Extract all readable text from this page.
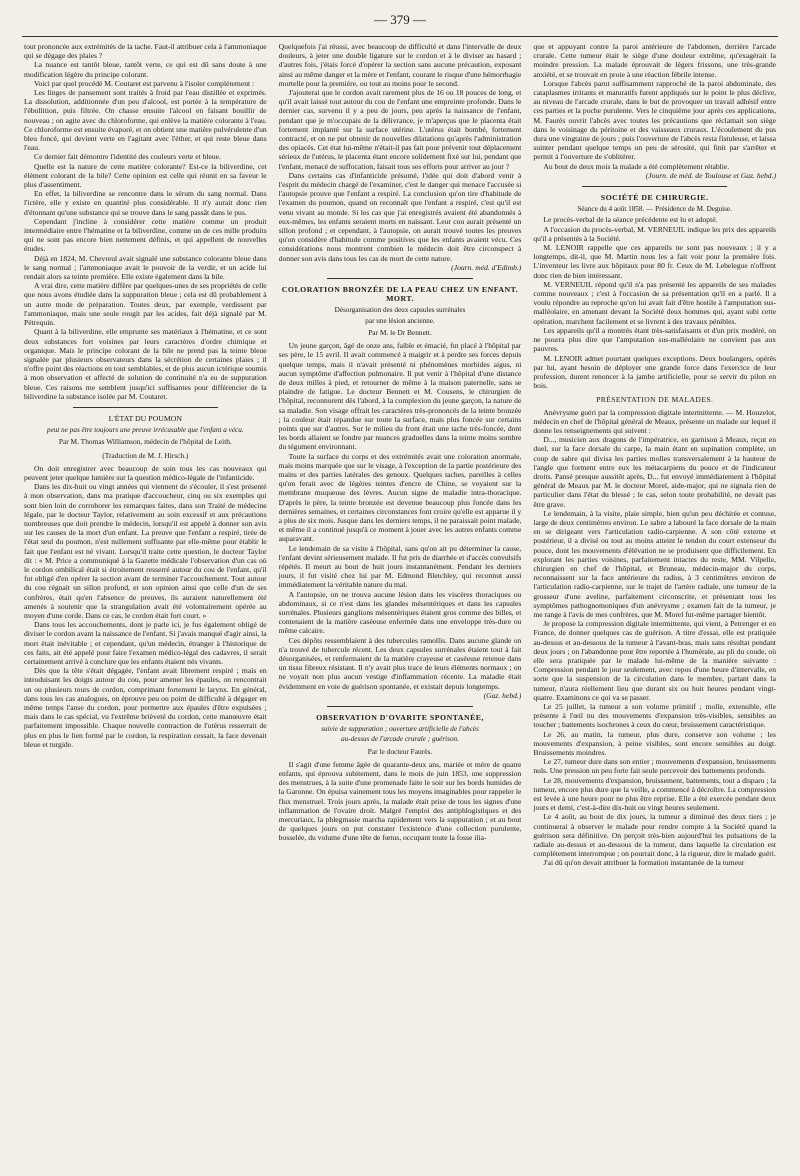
— 379 —

tout prononcée aux extrémités de la tache. Faut-il attribuer cela à l'ammoniaque qui se dégage des plaies ?

La nuance est tantôt bleue, tantôt verte, ce qui est dû sans doute à une modification légère du principe colorant.

Voici par quel procédé M. Coutaret est parvenu à l'isoler complètement :

Les linges de pansement sont traités à froid par l'eau distillée et exprimés. La dissolution, additionnée d'un peu d'alcool, est portée à la température de l'ébullition, puis filtrée. On chasse ensuite l'alcool en faisant bouillir de nouveau ; on agite avec du chloroforme, qui enlève la matière colorante à l'eau. Ce chloroforme est ensuite évaporé, et on obtient une matière pulvérulente d'un bleu foncé, qui devient verte en l'agitant avec l'éther, et qui reste bleue dans l'eau.

Ce dernier fait démontre l'identité des couleurs verte et bleue.

Quelle est la nature de cette matière colorante? Est-ce la biliverdine, cet élément colorant de la bile? Cette opinion est celle qui réunit en sa faveur le plus d'assentiment.

En effet, la biliverdine se rencontre dans le sérum du sang normal. Dans l'ictère, elle y existe en quantité plus considérable. Il n'y aurait donc rien d'étonnant qu'une substance qui se trouve dans le sang passât dans le pus.

Cependant j'incline à considérer cette matière comme un produit intermédiaire entre l'hématine et la biliverdine, comme un de ces mille produits qui ne sont pas encore bien nettement définis, et qui appellent de nouvelles études.

Déjà en 1824, M. Chevreul avait signalé une substance colorante bleue dans le sang normal ; l'ammoniaque avait le pouvoir de la verdir, et un acide lui rendait alors sa teinte première. Elle existe également dans la bile.

A vrai dire, cette matière diffère par quelques-unes de ses propriétés de celle que nous avons étudiée dans la suppuration bleue ; cela est dû probablement à un autre mode de préparation. Toutes deux, par exemple, verdissent par l'ammoniaque, mais une seule rougit par les acides, fait déjà signalé par M. Pétrequin.

Quant à la biliverdine, elle emprunte ses matériaux à l'hématine, et ce sont deux substances fort voisines par leurs caractères d'ordre chimique et organique. Mais le principe colorant de la bile ne prend pas la teinte bleue signalée par plusieurs observateurs dans la sécrétion de certaines plaies ; il n'offre point des réactions en tout semblables, et de plus aucun ictérique soumis à mon observation et affecté de solution de continuité n'a eu de suppuration bleue. Ces raisons me semblent jusqu'ici suffisantes pour différencier de la biliverdine la substance isolée par M. Coutaret.

L'ÉTAT DU POUMON
peut ne pas être toujours une preuve irrécusable que l'enfant a vécu.
Par M. Thomas Williamson, médecin de l'hôpital de Leith.
(Traduction de M. J. Hirsch.)

On doit enregistrer avec beaucoup de soin tous les cas nouveaux qui peuvent jeter quelque lumière sur la question médico-légale de l'infanticide.

Dans les dix-huit ou vingt années qui viennent de s'écouler, il s'est présenté à mon observation, dans ma pratique d'accoucheur, cinq ou six exemples qui sont bien loin de corroborer les remarques faites, dans son Traité de médecine légale, par le docteur Taylor, relativement au soin excessif et aux précautions nombreuses que doit prendre le médecin, lorsqu'il est appelé à donner son avis sur les causes de la mort d'un enfant. La preuve que l'enfant a respiré, tirée de l'état seul du poumon, n'est nullement suffisante par elle-même pour établir le fait que l'enfant est né vivant. Lorsqu'il traite cette question, le docteur Taylor dit : « M. Price a communiqué à la Gazette médicale l'observation d'un cas où le cordon ombilical était si étroitement resserré autour du cou de l'enfant, qu'il fut obligé d'en opérer la section avant de terminer l'accouchement. Tout autour du cou régnait un sillon profond, et son opinion ainsi que celle d'un de ses confrères, était qu'en l'absence de preuves, ils auraient naturellement été amenés à soutenir que la strangulation avait été volontairement opérée au moyen d'une corde. Dans ce cas, le cordon était fort court. »

Dans tous les accouchements, dont je parle ici, je fus également obligé de diviser le cordon avant la naissance de l'enfant. Si j'avais manqué d'agir ainsi, la mort était inévitable ; et cependant, qu'un médecin, étranger à l'historique de ces faits, ait été appelé pour faire l'examen médico-légal des cadavres, il serait certainement arrivé à conclure que les enfants étaient nés vivants.

Dès que la tête s'était dégagée, l'enfant avait librement respiré ; mais en introduisant les doigts autour du cou, pour amener les épaules, on rencontrait un ou plusieurs tours de cordon, comprimant fortement le larynx. En général, dans tous les cas analogues, on éprouve peu ou point de difficulté à dégager en même temps l'anse du cordon, pour permettre aux épaules d'être expulsées ; mais dans le cas spécial, vu l'extrême brièveté du cordon, cette manœuvre était parfaitement impossible. Chaque nouvelle contraction de l'utérus resserrait de plus en plus le lien formé par le cordon, la respiration cessait, la face devenait bleue et turgide.

Quelquefois j'ai réussi, avec beaucoup de difficulté et dans l'intervalle de deux douleurs, à jeter une double ligature sur le cordon et à le diviser au hasard ; d'autres fois, j'étais forcé d'opérer la section sans aucune précaution, exposant ainsi au même danger et la mère et l'enfant, courant le risque d'une hémorrhagie mortelle pour la première, ou tout au moins pour le second.

J'ajouterai que le cordon avait rarement plus de 16 ou 18 pouces de long, et qu'il avait laissé tout autour du cou de l'enfant une empreinte profonde. Dans le dernier cas, survenu il y a peu de jours, peu après la naissance de l'enfant, pendant que je m'occupais de la délivrance, je m'aperçus que le placenta était fortement implanté sur la surface utérine. L'utérus était bombé, fortement contracté, et on ne put obtenir de nouvelles dilatations qu'après l'administration des opiacés. Cet état lui-même n'était-il pas fait pour prévenir tout déplacement sérieux de l'utérus, le placenta étant encore solidement fixé sur lui, pendant que l'enfant, menacé de suffocation, faisait tous ses efforts pour arriver au jour ?

Dans certains cas d'infanticide présumé, l'idée qui doit d'abord venir à l'esprit du médecin chargé de l'examiner, c'est le danger qui menace l'accusée si l'autopsie prouve que l'enfant a respiré. La conclusion qu'on tire d'habitude de l'examen du poumon, quand on reconnaît que l'enfant a respiré, c'est qu'il est venu vivant au monde. Si les cas que j'ai enregistrés avaient été abandonnés à eux-mêmes, les enfants seraient morts en naissant. Leur cou aurait présenté un sillon profond ; et cependant, à l'autopsie, on aurait trouvé toutes les preuves qu'on considère d'habitude comme positives que les enfants avaient vécu. Ces considérations nous montrent combien le médecin doit être circonspect à donner son avis dans tous les cas de mort de cette nature.

(Journ. méd. d'Edimb.)
COLORATION BRONZÉE DE LA PEAU CHEZ UN ENFANT. MORT.
Désorganisation des deux capsules surrénales
par une lésion ancienne.
Par M. le Dr Bennett.

Un jeune garçon, âgé de onze ans, faible et émacié, fut placé à l'hôpital par ses père, le 15 avril. Il avait commencé à maigrir et à perdre ses forces depuis quelque temps, mais il n'avait présenté ni phénomènes morbides aigus, ni aucun symptôme d'affection pulmonaire. Il put venir à l'hôpital d'une distance de deux milles à pied, et retourner de même à la maison paternelle, sans se plaindre de fatigue. Le docteur Bennett et M. Cousens, le chirurgien de l'hôpital, reconnurent dès l'abord, à la complexion du jeune garçon, la nature de sa maladie. Son visage offrait les caractères très-prononcés de la teinte bronzée ; la couleur était répandue sur toute la surface, mais plus foncée sur certains points que sur d'autres. Sur le milieu du front était une tache très-foncée, dont les bords allaient se fondre par nuances graduelles dans la teinte moins sombre du tégument environnant.

Toute la surface du corps et des extrémités avait une coloration anormale, mais moins marquée que sur le visage, à l'exception de la partie postérieure des mains et des parties latérales des genoux. Quelques taches, pareilles à celles qu'on ferait avec de légères teintes d'encre de Chine, se voyaient sur la membrane muqueuse des lèvres. Aucun signe de maladie intra-thoracique. D'après le père, la teinte bronzée est devenue beaucoup plus foncée dans les dernières semaines, et certaines circonstances font croire qu'elle est apparue il y a plus de six mois. Jusque dans les derniers temps, il ne paraissait point malade, et même il a continué jusqu'à ce moment à jouer avec les autres enfants comme auparavant.

Le lendemain de sa visite à l'hôpital, sans qu'on ait pu déterminer la cause, l'enfant devint sérieusement malade. Il fut pris de diarrhée et d'accès convulsifs répétés. Il meurt au bout de huit jours instantanément. Pendant les derniers jours, il fut visité chez lui par M. Edmond Bletchley, qui reconnut aussi immédiatement la véritable nature du mal.

A l'autopsie, on ne trouva aucune lésion dans les viscères thoraciques ou abdominaux, si ce n'est dans les glandes mésentériques et dans les capsules surrénales. Plusieurs ganglions mésentériques étaient gros comme des billes, et contenaient de la matière caséeuse enfermée dans une enveloppe très-dure ou même calcaire.

Ces dépôts ressemblaient à des tubercules ramollis. Dans aucune glande on n'a trouvé de tubercule récent. Les deux capsules surrénales étaient tout à fait désorganisées, et renfermaient de la matière crayeuse et caséeuse retenue dans un tissu fibreux résistant. Il n'y avait plus trace de leurs éléments normaux ; on ne voyait non plus aucun vestige d'inflammation récente. La maladie était évidemment en voie de guérison spontanée, et existait depuis longtemps.

(Gaz. hebd.)
OBSERVATION D'OVARITE SPONTANÉE,
suivie de suppuration ; ouverture artificielle de l'abcès
au-dessus de l'arcade crurale ; guérison.
Par le docteur Faurès.

Il s'agit d'une femme âgée de quarante-deux ans, mariée et mère de quatre enfants, qui éprouva subitement, dans le mois de juin 1853, une suppression des menstrues, à la suite d'une promenade faite le soir sur les bords humides de la Garonne. On épuisa vainement tous les moyens imaginables pour rappeler le flux menstruel. Trois jours après, la malade était prise de tous les signes d'une inflammation de l'ovaire droit. Malgré l'emploi des antiphlogistiques et des mercuriaux, la phlegmasie marcha rapidement vers la suppuration ; et au bout de quelques jours on put constater l'existence d'une collection purulente, bosselée, du volume d'une tête de fœtus, occupant toute la fosse ilia-

que et appuyant contre la paroi antérieure de l'abdomen, derrière l'arcade crurale. Cette tumeur était le siège d'une douleur extrême, qu'exagérait la moindre pression. La malade éprouvait de légers frissons, une très-grande anxiété, et se trouvait en proie à une réaction fébrile intense.

Lorsque l'abcès parut suffisamment rapproché de la paroi abdominale, des cataplasmes irritants et maturatifs furent appliqués sur le point le plus déclive, au niveau de l'arcade crurale, dans le but de provoquer un travail adhésif entre ces parties et la poche purulente. Vers le cinquième jour après ces applications, M. Faurès ouvrit l'abcès avec toutes les précautions que réclamait son siège dans le voisinage du péritoine et des vaisseaux cruraux. L'écoulement du pus dura une vingtaine de jours ; puis l'ouverture de l'abcès resta fistuleuse, et laissa suinter pendant quelque temps un peu de sérosité, qui finit par s'arrêter et permit à l'ouverture de s'oblitérer.

Au bout de deux mois la malade a été complètement rétablie.

(Journ. de méd. de Toulouse et Gaz. hebd.)
SOCIÉTÉ DE CHIRURGIE.
Séance du 4 août 1858. — Présidence de M. Deguise.

Le procès-verbal de la séance précédente est lu et adopté.

A l'occasion du procès-verbal, M. VERNEUIL indique les prix des appareils qu'il a présentés à la Société.

M. LENOIR rappelle que ces appareils ne sont pas nouveaux ; il y a longtemps, dit-il, que M. Martin nous les a fait voir pour la première fois. L'inventeur les livre aux hôpitaux pour 80 fr. Ceux de M. Lebelegue n'offrent donc rien de bien intéressant.

M. VERNEUIL répond qu'il n'a pas présenté les appareils de ses malades comme nouveaux ; c'est à l'occasion de sa présentation qu'il en a parlé. Il a voulu répondre au reproche qu'on lui avait fait d'être hostile à l'amputation sus-malléolaire, en amenant devant la Société deux hommes qui, ayant subi cette opération, marchent facilement et se livrent à des travaux pénibles.

Les appareils qu'il a montrés étant très-satisfaisants et d'un prix modéré, on ne pourra plus dire que l'amputation sus-malléolaire ne convient pas aux pauvres.

M. LENOIR admet pourtant quelques exceptions. Deux boulangers, opérés par lui, ayant besoin de déployer une grande force dans l'exercice de leur profession, durent renoncer à la jambe artificielle, pour se servir du pilon en bois.

PRÉSENTATION DE MALADES.

Anévrysme guéri par la compression digitale intermittente. — M. Houzelot, médecin en chef de l'hôpital général de Meaux, présente un malade sur lequel il donne les renseignements qui suivent :

D..., musicien aux dragons de l'impératrice, en garnison à Meaux, reçut en duel, sur la face dorsale du carpe, la main étant en supination complète, un coup de sabre qui divisa les parties molles transversalement à la hauteur de l'angle que forment entre eux les métacarpiens du pouce et de l'indicateur droits. Pansé presque aussitôt après, D... fut envoyé immédiatement à l'hôpital général de Meaux par M. le docteur Morel, aide-major, qui ne signala rien de particulier dans l'état du blessé ; le cas, selon toute probabilité, ne devait pas être grave.

Le lendemain, à la visite, plaie simple, bien qu'un peu déchirée et contuse, large de deux centimètres environ. Le sabre a labouré la face dorsale de la main en se dirigeant vers l'articulation radio-carpienne. A son côté externe et postérieur, il a divisé ou tout au moins atteint le tendon du court extenseur du pouce, dont les mouvements d'élévation ne se produisent que difficilement. En explorant les parties voisines, parfaitement intactes du reste, MM. Vilpelle, chirurgien en chef de l'hôpital, et Bruneau, médecin-major du corps, reconnaissent sur la face antérieure du radius, à 3 centimètres environ de l'articulation radio-carpienne, sur le trajet de l'artère radiale, une tumeur de la grosseur d'une aveline, parfaitement circonscrite, et présentant tous les symptômes pathognomoniques d'un anévrysme ; examen fait de la tumeur, je me range à l'avis de mes confrères, que M. Morel fut-même partager bientôt.

Je propose la compression digitale intermittente, qui vient, à Petrenger et en France, de donner quelques cas de guérison. A titre d'essai, elle est pratiquée au-dessus et au-dessous de la tumeur à l'avant-bras, mais sans résultat pendant deux jours ; on l'abandonne pour être reportée à l'humérale, au pli du coude, où elle sera pratiquée par le malade lui-même de la manière suivante : Compression pendant le jour seulement, avec repos d'une heure d'intervalle, en sorte que la suspension de la circulation dans le membre, partant dans la tumeur, n'aura réellement lieu que durant six ou huit heures pendant vingt-quatre. Examinons ce qui va se passer.

Le 25 juillet, la tumeur a son volume primitif ; molle, extensible, elle présente à l'œil nu des mouvements d'expansion très-visibles, sensibles au toucher ; battements isochrones à ceux du cœur, bruissement caractéristique.

Le 26, au matin, la tumeur, plus dure, conserve son volume ; les mouvements d'expansion, à peine visibles, sont encore sensibles au doigt. Bruissements moindres.

Le 27, tumeur dure dans son entier ; mouvements d'expansion, bruissements nuls. Une pression un peu forte fait seule percevoir des battements profonds.

Le 28, mouvements d'expansion, bruissement, battements, tout a disparu ; la tumeur, encore plus dure que la veille, a commencé à décroître. La compression est levée à une heure pour ne plus être reprise. Elle a été exercée pendant deux jours et demi, c'est-à-dire dix-huit ou vingt heures seulement.

Le 4 août, au bout de dix jours, la tumeur a diminué des deux tiers ; je continuerai à observer le malade pour rendre compte à la Société quand la guérison sera définitive. On perçoit très-bien aujourd'hui les pulsations de la radiale au-dessus et au-dessous de la tumeur, dans laquelle la circulation est complètement interrompue ; on pourrait donc, à la rigueur, dire le malade guéri.

J'ai dû qu'on devait attribuer la formation instantanée de la tumeur
